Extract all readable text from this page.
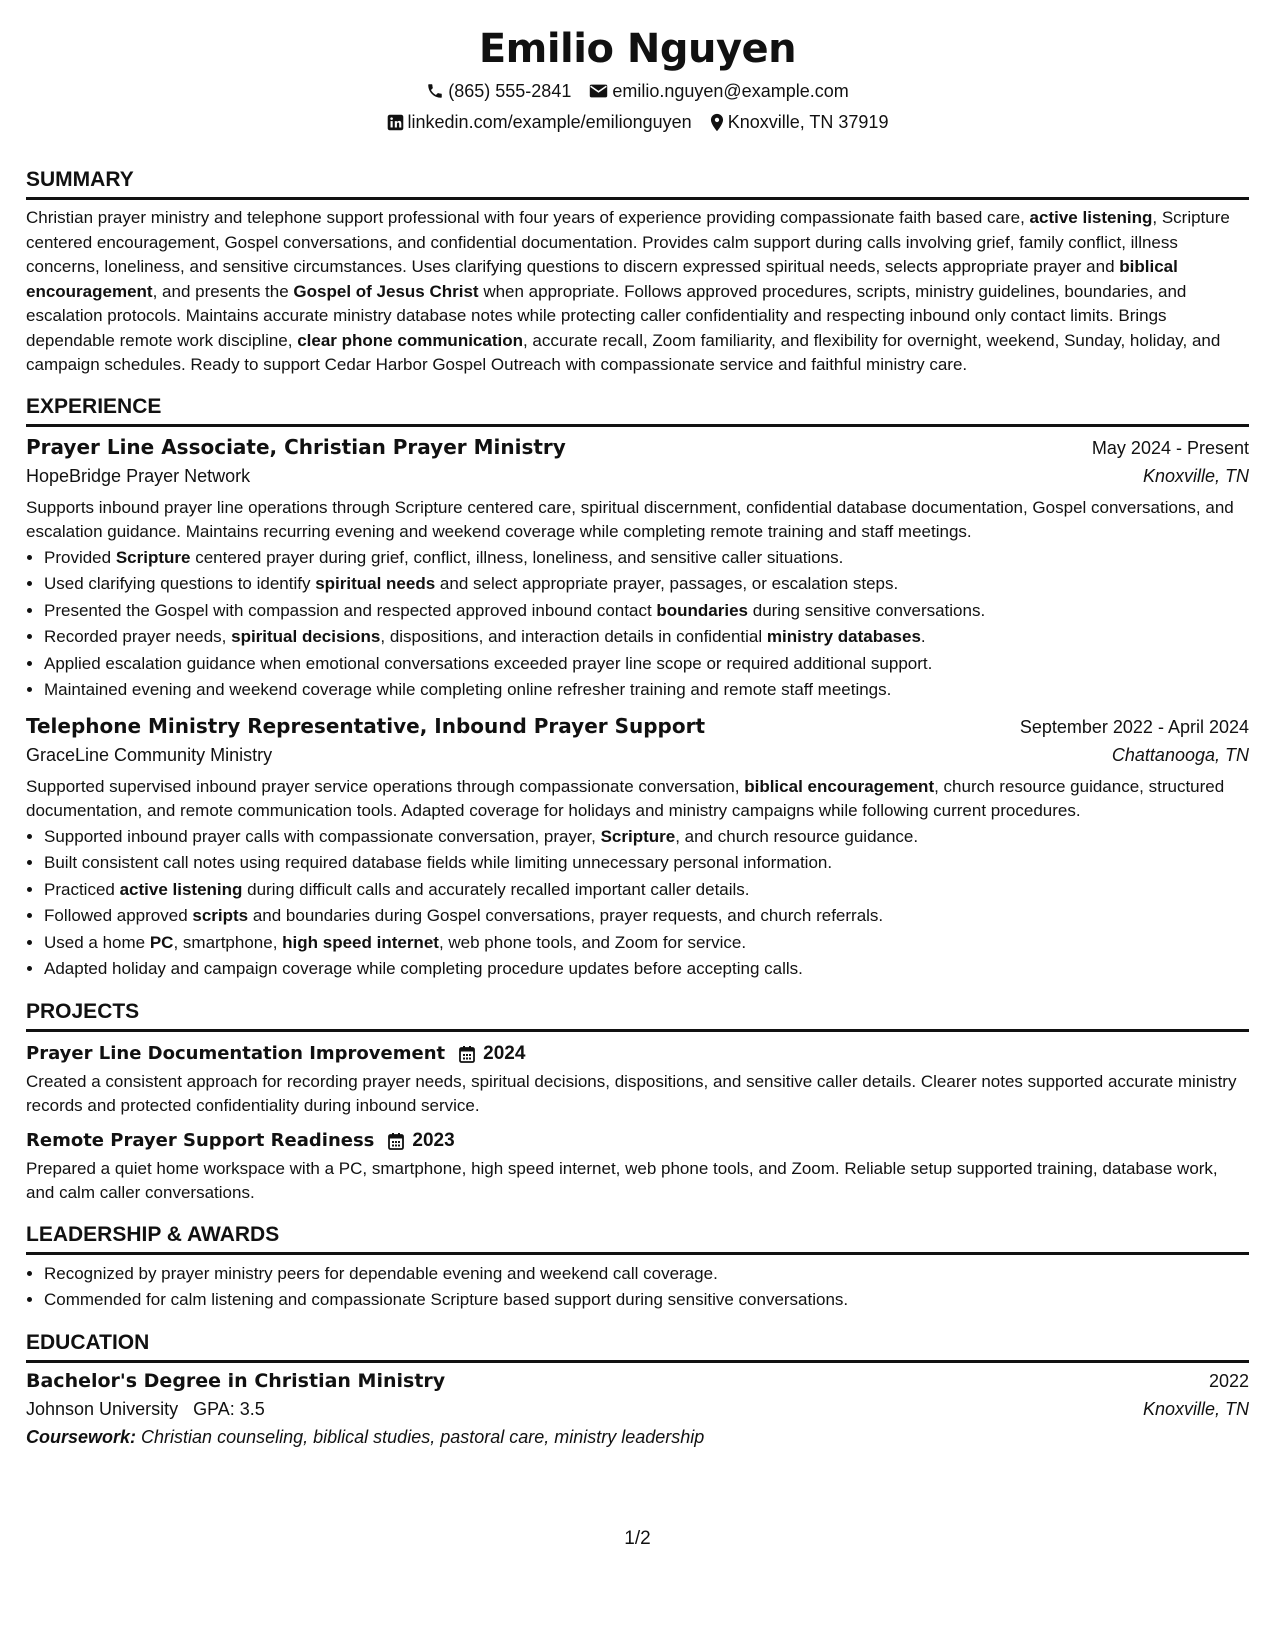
Emilio Nguyen
(865) 555-2841 emilio.nguyen@example.com
linkedin.com/example/emilionguyen Knoxville, TN 37919
SUMMARY

Christian prayer ministry and telephone support professional with four years of experience providing compassionate faith based care, active listening, Scripture centered encouragement, Gospel conversations, and confidential documentation. Provides calm support during calls involving grief, family conflict, illness concerns, loneliness, and sensitive circumstances. Uses clarifying questions to discern expressed spiritual needs, selects appropriate prayer and biblical encouragement, and presents the Gospel of Jesus Christ when appropriate. Follows approved procedures, scripts, ministry guidelines, boundaries, and escalation protocols. Maintains accurate ministry database notes while protecting caller confidentiality and respecting inbound only contact limits. Brings dependable remote work discipline, clear phone communication, accurate recall, Zoom familiarity, and flexibility for overnight, weekend, Sunday, holiday, and campaign schedules. Ready to support Cedar Harbor Gospel Outreach with compassionate service and faithful ministry care.

EXPERIENCE
Prayer Line Associate, Christian Prayer Ministry	May 2024 - Present
HopeBridge Prayer Network	Knoxville, TN

Supports inbound prayer line operations through Scripture centered care, spiritual discernment, confidential database documentation, Gospel conversations, and escalation guidance. Maintains recurring evening and weekend coverage while completing remote training and staff meetings.

• Provided Scripture centered prayer during grief, conflict, illness, loneliness, and sensitive caller situations.
• Used clarifying questions to identify spiritual needs and select appropriate prayer, passages, or escalation steps.
• Presented the Gospel with compassion and respected approved inbound contact boundaries during sensitive conversations.
• Recorded prayer needs, spiritual decisions, dispositions, and interaction details in confidential ministry databases.
• Applied escalation guidance when emotional conversations exceeded prayer line scope or required additional support.
• Maintained evening and weekend coverage while completing online refresher training and remote staff meetings.
Telephone Ministry Representative, Inbound Prayer Support	September 2022 - April 2024
GraceLine Community Ministry	Chattanooga, TN

Supported supervised inbound prayer service operations through compassionate conversation, biblical encouragement, church resource guidance, structured documentation, and remote communication tools. Adapted coverage for holidays and ministry campaigns while following current procedures.

• Supported inbound prayer calls with compassionate conversation, prayer, Scripture, and church resource guidance.
• Built consistent call notes using required database fields while limiting unnecessary personal information.
• Practiced active listening during difficult calls and accurately recalled important caller details.
• Followed approved scripts and boundaries during Gospel conversations, prayer requests, and church referrals.
• Used a home PC, smartphone, high speed internet, web phone tools, and Zoom for service.
• Adapted holiday and campaign coverage while completing procedure updates before accepting calls.
PROJECTS
Prayer Line Documentation Improvement 2024

Created a consistent approach for recording prayer needs, spiritual decisions, dispositions, and sensitive caller details. Clearer notes supported accurate ministry records and protected confidentiality during inbound service.

Remote Prayer Support Readiness 2023

Prepared a quiet home workspace with a PC, smartphone, high speed internet, web phone tools, and Zoom. Reliable setup supported training, database work, and calm caller conversations.

LEADERSHIP & AWARDS
• Recognized by prayer ministry peers for dependable evening and weekend call coverage.
• Commended for calm listening and compassionate Scripture based support during sensitive conversations.
EDUCATION
Bachelor's Degree in Christian Ministry	2022
Johnson University GPA: 3.5	Knoxville, TN
Coursework: Christian counseling, biblical studies, pastoral care, ministry leadership
1/2
